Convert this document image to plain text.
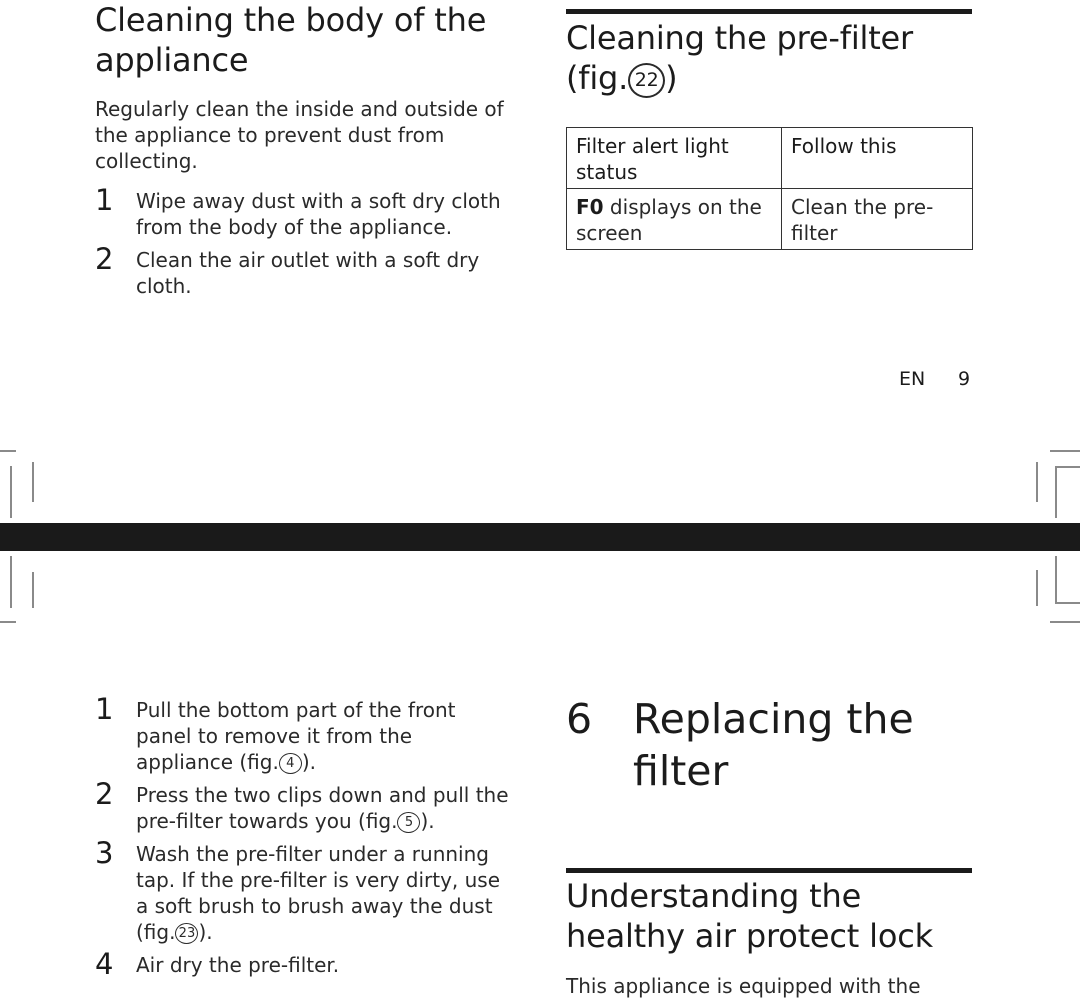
Cleaning the body of the appliance

Regularly clean the inside and outside of the appliance to prevent dust from collecting.

1 Wipe away dust with a soft dry cloth from the body of the appliance.
2 Clean the air outlet with a soft dry cloth.
Cleaning the pre-filter
(fig. 22 )
Filter alert light status	Follow this
F0 displays on the screen	Clean the pre-filter
EN 9
1 Pull the bottom part of the front panel to remove it from the appliance (fig. 4 ).
2 Press the two clips down and pull the pre-filter towards you (fig. 5 ).
3 Wash the pre-filter under a running tap. If the pre-filter is very dirty, use a soft brush to brush away the dust (fig. 23 ).
4 Air dry the pre-filter.
6 Replacing the filter
Understanding the healthy air protect lock
This appliance is equipped with the
